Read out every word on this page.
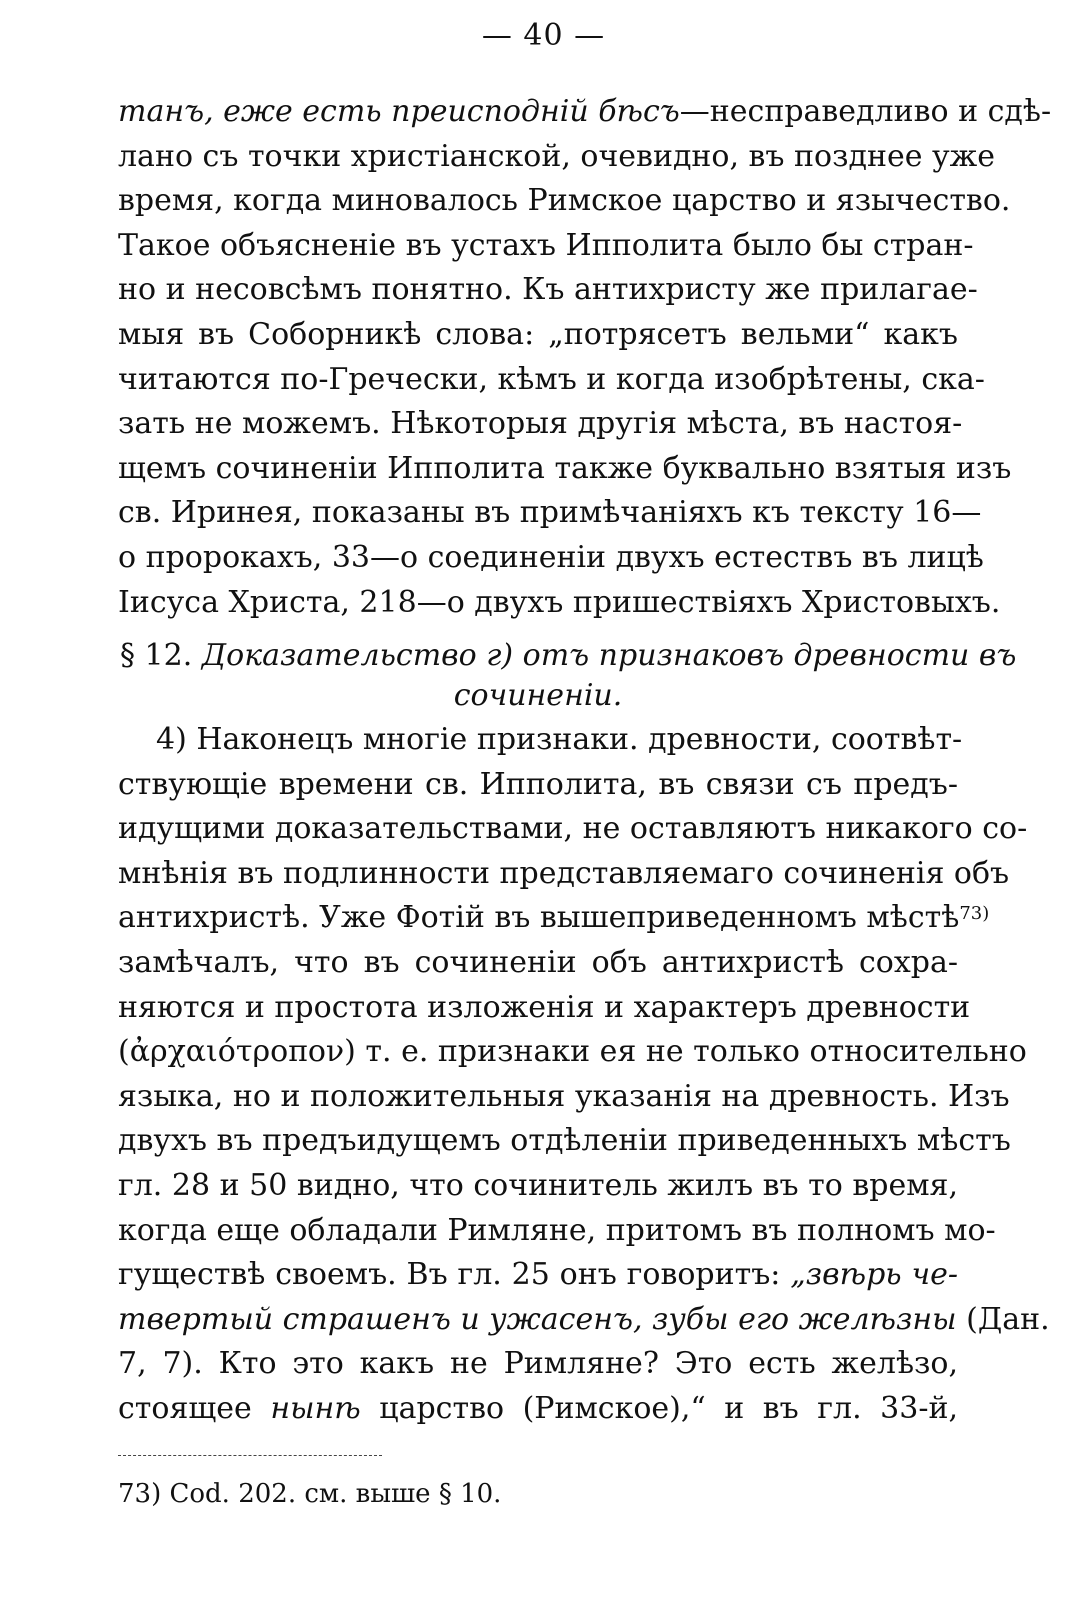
— 40 —
танъ, еже есть преисподнiй бѣсъ—несправедливо и сдѣ-
лано съ точки христiанской, очевидно, въ позднее уже
время, когда миновалось Римское царство и язычество.
Такое объясненiе въ устахъ Ипполита было бы стран-
но и несовсѣмъ понятно. Къ антихристу же прилагае-
мыя въ Соборникѣ слова: „потрясетъ вельми“ какъ
читаются по-Гречески, кѣмъ и когда изобрѣтены, ска-
зать не можемъ. Нѣкоторыя другiя мѣста, въ настоя-
щемъ сочиненiи Ипполита также буквально взятыя изъ
св. Иринея, показаны въ примѣчанiяхъ къ тексту 16—
о пророкахъ, 33—о соединенiи двухъ естествъ въ лицѣ
Iисуса Христа, 218—о двухъ пришествiяхъ Христовыхъ.
§ 12. Доказательство г) отъ признаковъ древности въ
сочиненiи.
4) Наконецъ многiе признаки. древности, соотвѣт-
ствующiе времени св. Ипполита, въ связи съ предъ-
идущими доказательствами, не оставляютъ никакого со-
мнѣнiя въ подлинности представляемаго сочиненiя объ
антихристѣ. Уже Фотiй въ вышеприведенномъ мѣстѣ$^{73)}$
замѣчалъ, что въ сочиненiи объ антихристѣ сохра-
няются и простота изложенiя и характеръ древности
(ἀρχαιότροπον) т. е. признаки ея не только относительно
языка, но и положительныя указанiя на древность. Изъ
двухъ въ предъидущемъ отдѣленiи приведенныхъ мѣстъ
гл. 28 и 50 видно, что сочинитель жилъ въ то время,
когда еще обладали Римляне, притомъ въ полномъ мо-
гуществѣ своемъ. Въ гл. 25 онъ говоритъ: „звѣрь че-
твертый страшенъ и ужасенъ, зубы его желѣзны (Дан.
7, 7). Кто это какъ не Римляне? Это есть желѣзо,
стоящее нынѣ царство (Римское),“ и въ гл. 33-й,
73) Cod. 202. см. выше § 10.
